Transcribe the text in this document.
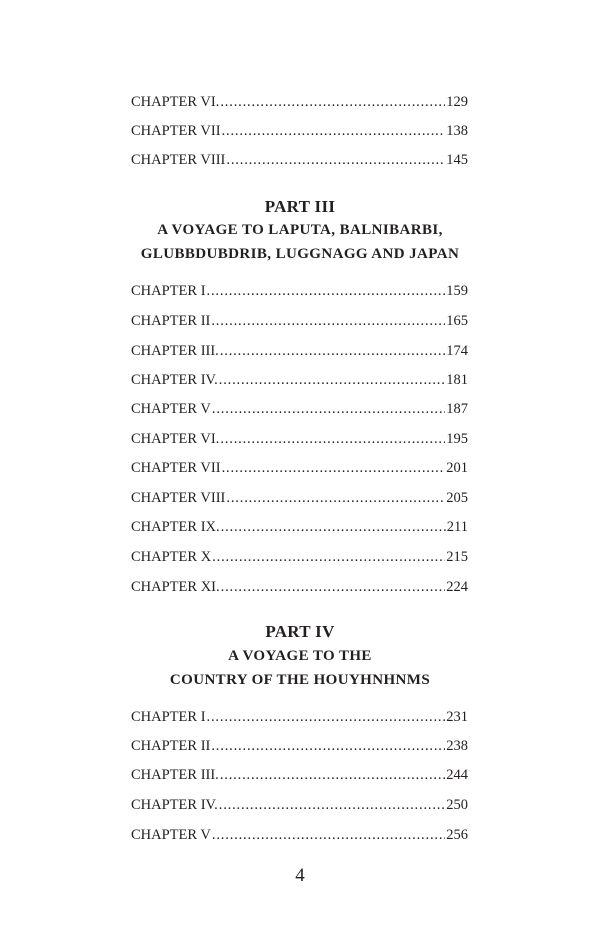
CHAPTER VI. . . .	129
CHAPTER VII . . .	138
CHAPTER VIII . . .	145
PART III
A VOYAGE TO LAPUTA, BALNIBARBI,
GLUBBDUBDRIB, LUGGNAGG AND JAPAN
CHAPTER I . . .	159
CHAPTER II . . .	165
CHAPTER III. . . .	174
CHAPTER IV. . . .	181
CHAPTER V . . .	187
CHAPTER VI. . . .	195
CHAPTER VII . . .	201
CHAPTER VIII . . .	205
CHAPTER IX. . . .	211
CHAPTER X . . .	215
CHAPTER XI. . . .	224
PART IV
A VOYAGE TO THE
COUNTRY OF THE HOUYHNHNMS
CHAPTER I . . .	231
CHAPTER II . . .	238
CHAPTER III. . . .	244
CHAPTER IV. . . .	250
CHAPTER V . . .	256
4
